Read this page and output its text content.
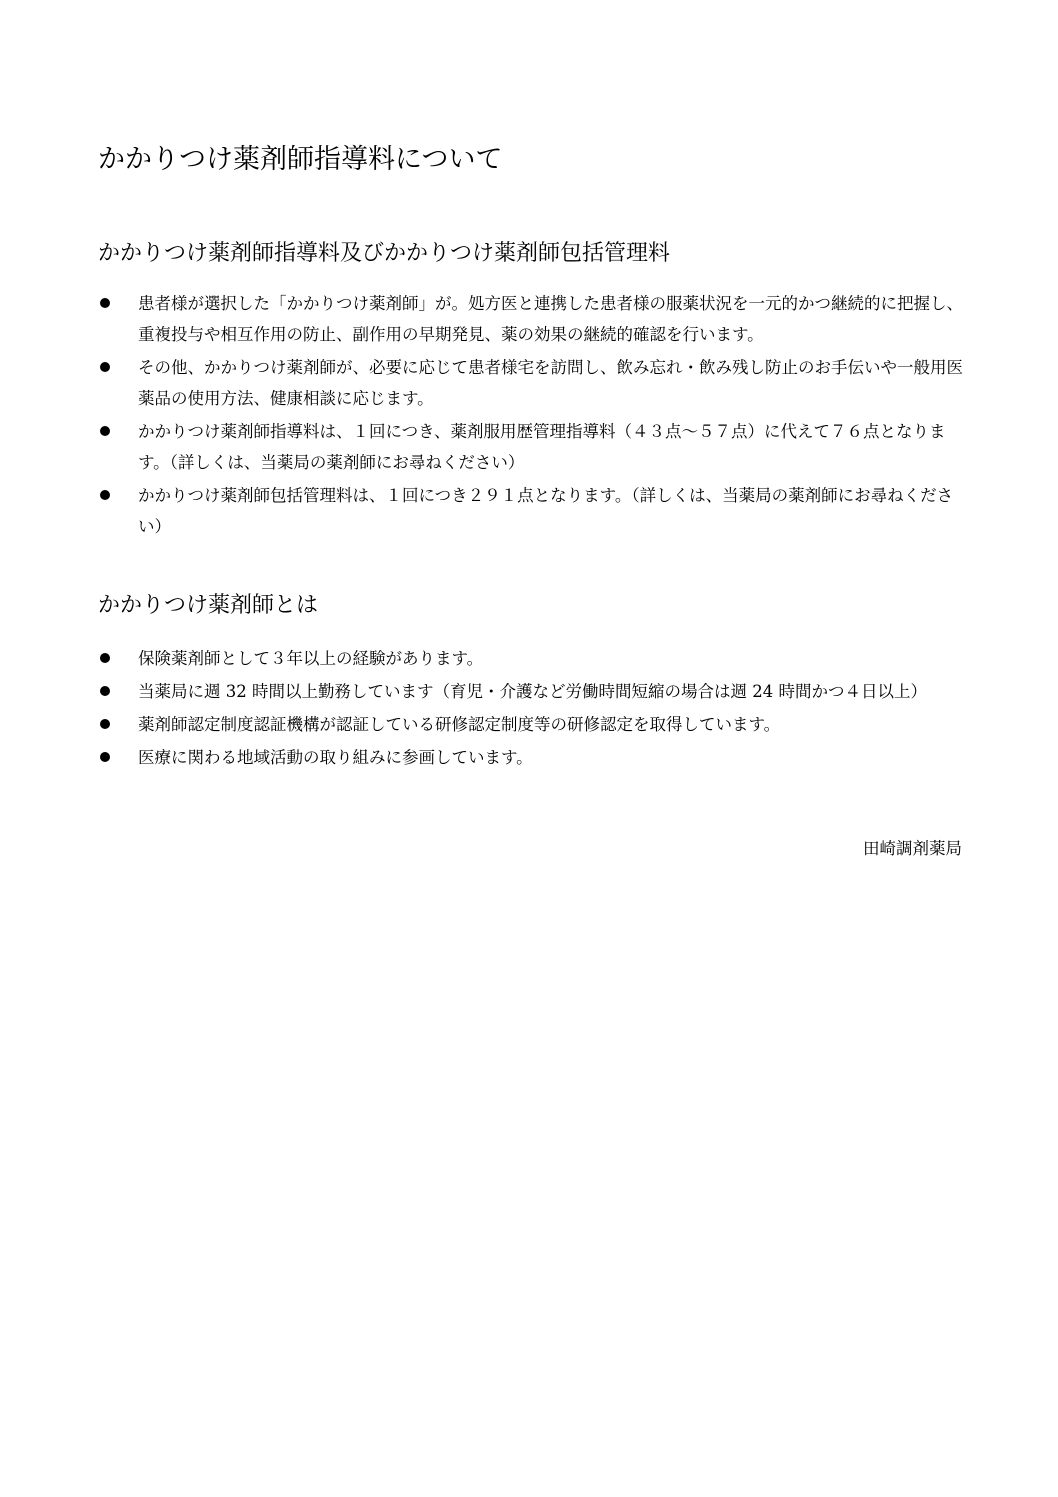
かかりつけ薬剤師指導料について
かかりつけ薬剤師指導料及びかかりつけ薬剤師包括管理料
患者様が選択した「かかりつけ薬剤師」が。処方医と連携した患者様の服薬状況を一元的かつ継続的に把握し、重複投与や相互作用の防止、副作用の早期発見、薬の効果の継続的確認を行います。
その他、かかりつけ薬剤師が、必要に応じて患者様宅を訪問し、飲み忘れ・飲み残し防止のお手伝いや一般用医薬品の使用方法、健康相談に応じます。
かかりつけ薬剤師指導料は、１回につき、薬剤服用歴管理指導料（４３点～５７点）に代えて７６点となります。（詳しくは、当薬局の薬剤師にお尋ねください）
かかりつけ薬剤師包括管理料は、１回につき２９１点となります。（詳しくは、当薬局の薬剤師にお尋ねください）
かかりつけ薬剤師とは
保険薬剤師として３年以上の経験があります。
当薬局に週 32 時間以上勤務しています（育児・介護など労働時間短縮の場合は週 24 時間かつ４日以上）
薬剤師認定制度認証機構が認証している研修認定制度等の研修認定を取得しています。
医療に関わる地域活動の取り組みに参画しています。
田崎調剤薬局
